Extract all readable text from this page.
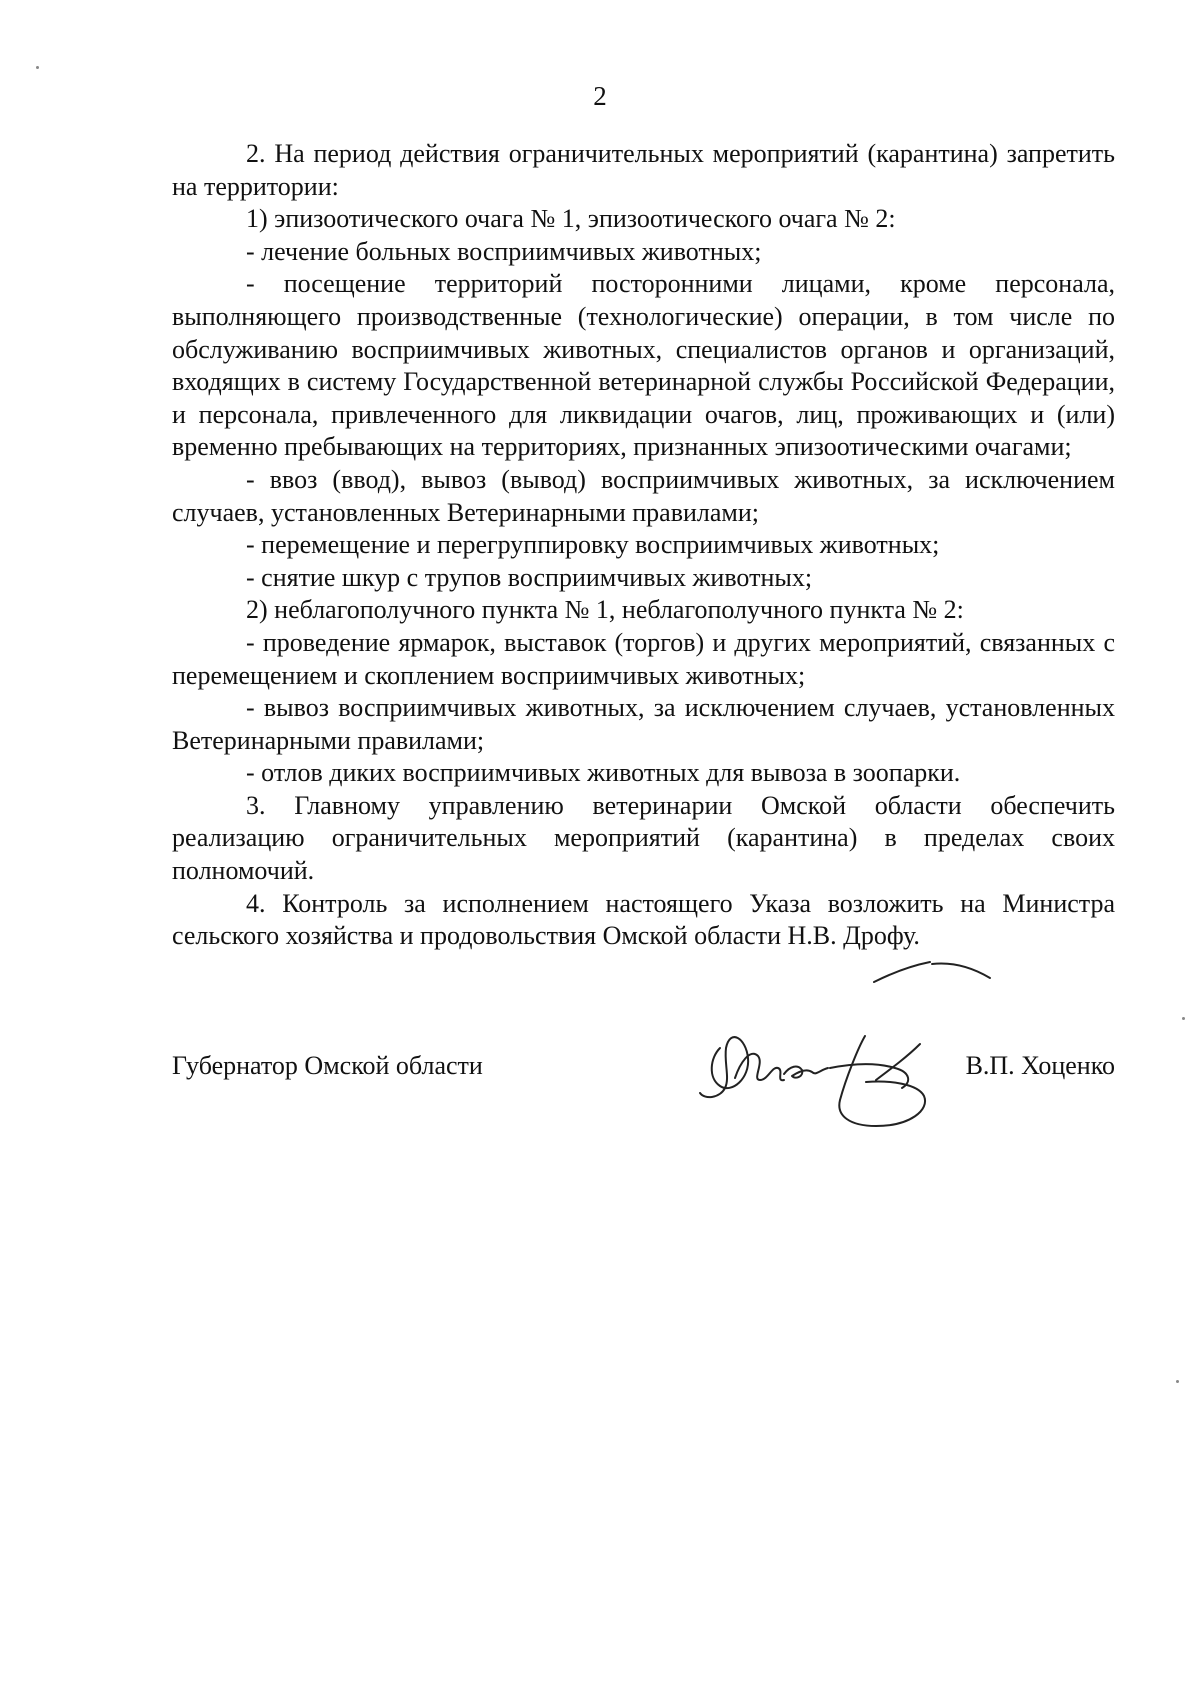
2

2. На период действия ограничительных мероприятий (карантина) запретить на территории:

1) эпизоотического очага № 1, эпизоотического очага № 2:

- лечение больных восприимчивых животных;

- посещение территорий посторонними лицами, кроме персонала, выполняющего производственные (технологические) операции, в том числе по обслуживанию восприимчивых животных, специалистов органов и организаций, входящих в систему Государственной ветеринарной службы Российской Федерации, и персонала, привлеченного для ликвидации очагов, лиц, проживающих и (или) временно пребывающих на территориях, признанных эпизоотическими очагами;

- ввоз (ввод), вывоз (вывод) восприимчивых животных, за исключением случаев, установленных Ветеринарными правилами;

- перемещение и перегруппировку восприимчивых животных;

- снятие шкур с трупов восприимчивых животных;

2) неблагополучного пункта № 1, неблагополучного пункта № 2:

- проведение ярмарок, выставок (торгов) и других мероприятий, связанных с перемещением и скоплением восприимчивых животных;

- вывоз восприимчивых животных, за исключением случаев, установленных Ветеринарными правилами;

- отлов диких восприимчивых животных для вывоза в зоопарки.

3. Главному управлению ветеринарии Омской области обеспечить реализацию ограничительных мероприятий (карантина) в пределах своих полномочий.

4. Контроль за исполнением настоящего Указа возложить на Министра сельского хозяйства и продовольствия Омской области Н.В. Дрофу.

Губернатор Омской области	В.П. Хоценко
